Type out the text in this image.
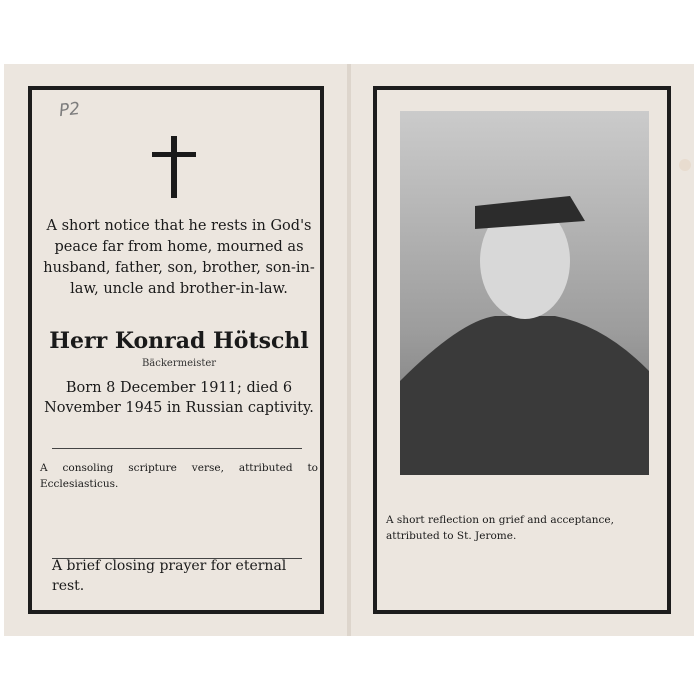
P2
A short notice that he rests in God's peace far from home, mourned as husband, father, son, brother, son-in-law, uncle and brother-in-law.
Herr Konrad Hötschl
Bäckermeister
Born 8 December 1911; died 6 November 1945 in Russian captivity.
A consoling scripture verse, attributed to Ecclesiasticus.
A brief closing prayer for eternal rest.
A short reflection on grief and acceptance, attributed to St. Jerome.
